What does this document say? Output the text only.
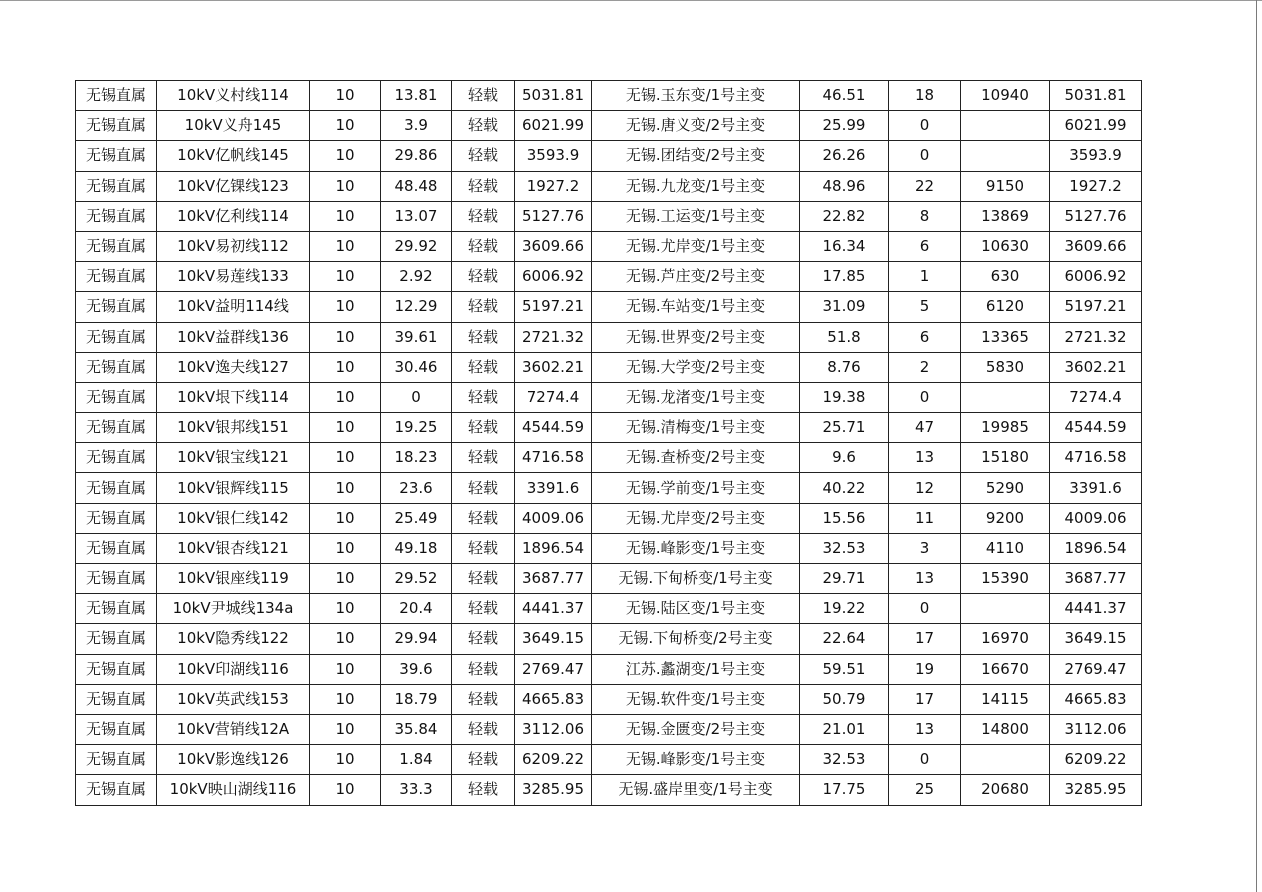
无锡直属	10kV义村线114	10	13.81	轻载	5031.81	无锡.玉东变/1号主变	46.51	18	10940	5031.81
无锡直属	10kV义舟145	10	3.9	轻载	6021.99	无锡.唐义变/2号主变	25.99	0		6021.99
无锡直属	10kV亿帆线145	10	29.86	轻载	3593.9	无锡.团结变/2号主变	26.26	0		3593.9
无锡直属	10kV亿锞线123	10	48.48	轻载	1927.2	无锡.九龙变/1号主变	48.96	22	9150	1927.2
无锡直属	10kV亿利线114	10	13.07	轻载	5127.76	无锡.工运变/1号主变	22.82	8	13869	5127.76
无锡直属	10kV易初线112	10	29.92	轻载	3609.66	无锡.尤岸变/1号主变	16.34	6	10630	3609.66
无锡直属	10kV易莲线133	10	2.92	轻载	6006.92	无锡.芦庄变/2号主变	17.85	1	630	6006.92
无锡直属	10kV益明114线	10	12.29	轻载	5197.21	无锡.车站变/1号主变	31.09	5	6120	5197.21
无锡直属	10kV益群线136	10	39.61	轻载	2721.32	无锡.世界变/2号主变	51.8	6	13365	2721.32
无锡直属	10kV逸夫线127	10	30.46	轻载	3602.21	无锡.大学变/2号主变	8.76	2	5830	3602.21
无锡直属	10kV垠下线114	10	0	轻载	7274.4	无锡.龙渚变/1号主变	19.38	0		7274.4
无锡直属	10kV银邦线151	10	19.25	轻载	4544.59	无锡.清梅变/1号主变	25.71	47	19985	4544.59
无锡直属	10kV银宝线121	10	18.23	轻载	4716.58	无锡.查桥变/2号主变	9.6	13	15180	4716.58
无锡直属	10kV银辉线115	10	23.6	轻载	3391.6	无锡.学前变/1号主变	40.22	12	5290	3391.6
无锡直属	10kV银仁线142	10	25.49	轻载	4009.06	无锡.尤岸变/2号主变	15.56	11	9200	4009.06
无锡直属	10kV银杏线121	10	49.18	轻载	1896.54	无锡.峰影变/1号主变	32.53	3	4110	1896.54
无锡直属	10kV银座线119	10	29.52	轻载	3687.77	无锡.下甸桥变/1号主变	29.71	13	15390	3687.77
无锡直属	10kV尹城线134a	10	20.4	轻载	4441.37	无锡.陆区变/1号主变	19.22	0		4441.37
无锡直属	10kV隐秀线122	10	29.94	轻载	3649.15	无锡.下甸桥变/2号主变	22.64	17	16970	3649.15
无锡直属	10kV印湖线116	10	39.6	轻载	2769.47	江苏.蠡湖变/1号主变	59.51	19	16670	2769.47
无锡直属	10kV英武线153	10	18.79	轻载	4665.83	无锡.软件变/1号主变	50.79	17	14115	4665.83
无锡直属	10kV营销线12A	10	35.84	轻载	3112.06	无锡.金匮变/2号主变	21.01	13	14800	3112.06
无锡直属	10kV影逸线126	10	1.84	轻载	6209.22	无锡.峰影变/1号主变	32.53	0		6209.22
无锡直属	10kV映山湖线116	10	33.3	轻载	3285.95	无锡.盛岸里变/1号主变	17.75	25	20680	3285.95
